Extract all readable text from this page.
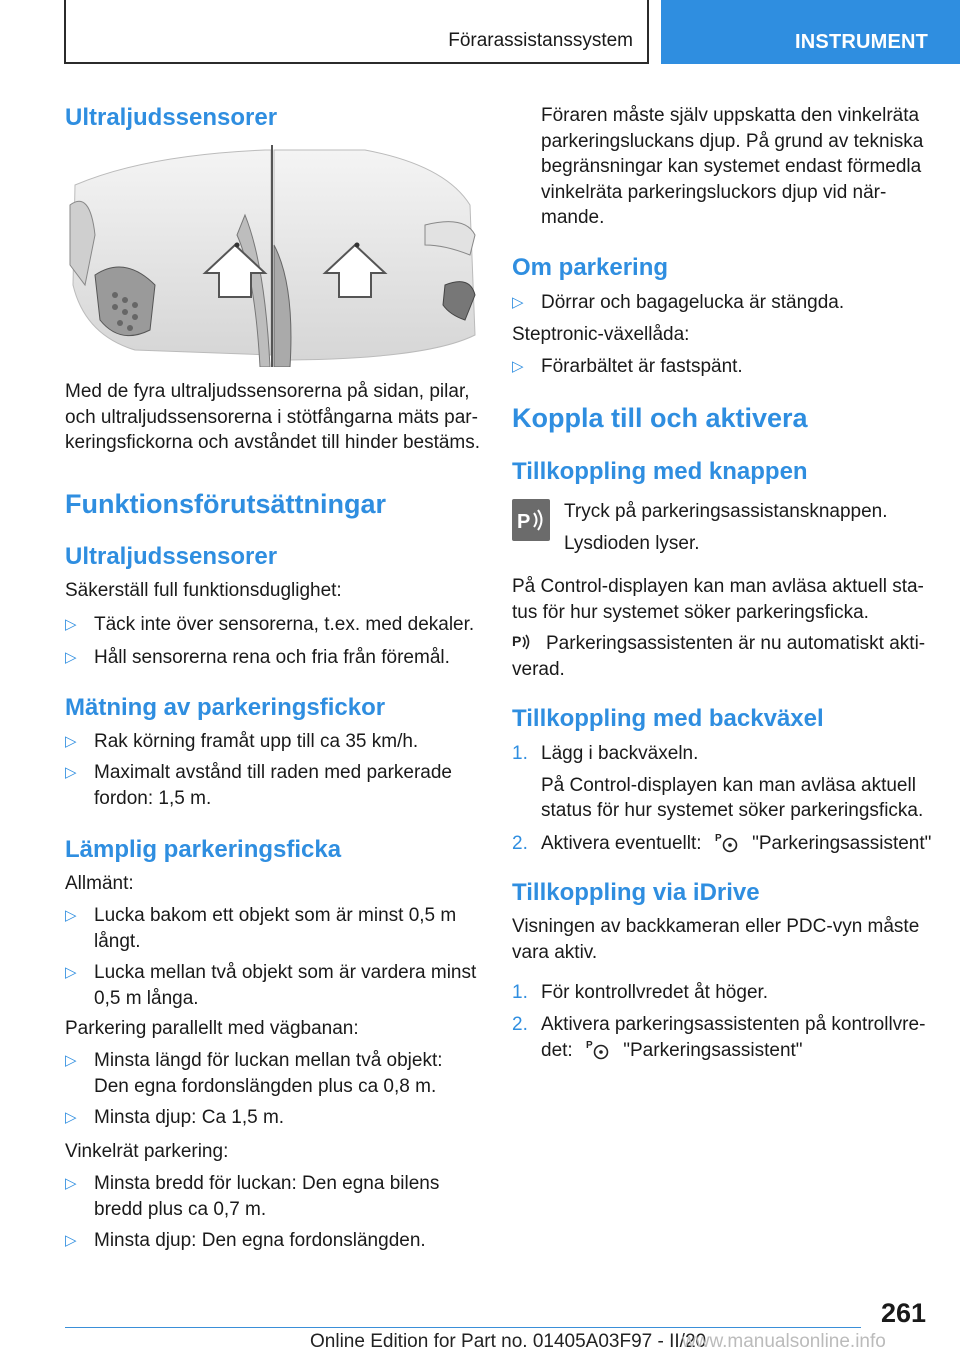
Förarassistanssystem	INSTRUMENT
Ultraljudssensorer
Med de fyra ultraljudssensorerna på sidan, pilar,
och ultraljudssensorerna i stötfångarna mäts par-
keringsfickorna och avståndet till hinder bestäms.
Funktionsförutsättningar
Ultraljudssensorer
Säkerställ full funktionsduglighet:
▷ Täck inte över sensorerna, t.ex. med dekaler.
▷ Håll sensorerna rena och fria från föremål.
Mätning av parkeringsfickor
▷ Rak körning framåt upp till ca 35 km/h.
▷ Maximalt avstånd till raden med parkerade
fordon: 1,5 m.
Lämplig parkeringsficka
Allmänt:
▷ Lucka bakom ett objekt som är minst 0,5 m
långt.
▷ Lucka mellan två objekt som är vardera minst
0,5 m långa.
Parkering parallellt med vägbanan:
▷ Minsta längd för luckan mellan två objekt:
Den egna fordonslängden plus ca 0,8 m.
▷ Minsta djup: Ca 1,5 m.
Vinkelrät parkering:
▷ Minsta bredd för luckan: Den egna bilens
bredd plus ca 0,7 m.
▷ Minsta djup: Den egna fordonslängden.
Föraren måste själv uppskatta den vinkelräta
parkeringsluckans djup. På grund av tekniska
begränsningar kan systemet endast förmedla
vinkelräta parkeringsluckors djup vid när-
mande.
Om parkering
▷ Dörrar och bagagelucka är stängda.
Steptronic-växellåda:
▷ Förarbältet är fastspänt.
Koppla till och aktivera
Tillkoppling med knappen
P Tryck på parkeringsassistansknappen.
Lysdioden lyser.
På Control-displayen kan man avläsa aktuell sta-
tus för hur systemet söker parkeringsficka.
P Parkeringsassistenten är nu automatiskt akti-
verad.
Tillkoppling med backväxel
1. Lägg i backväxeln.
På Control-displayen kan man avläsa aktuell
status för hur systemet söker parkeringsficka.
2. Aktivera eventuellt: P "Parkeringsassistent"
Tillkoppling via iDrive
Visningen av backkameran eller PDC-vyn måste
vara aktiv.
1. För kontrollvredet åt höger.
2. Aktivera parkeringsassistenten på kontrollvre-
det: P "Parkeringsassistent"
261
Online Edition for Part no. 01405A03F97 - II/20
www.manualsonline.info
